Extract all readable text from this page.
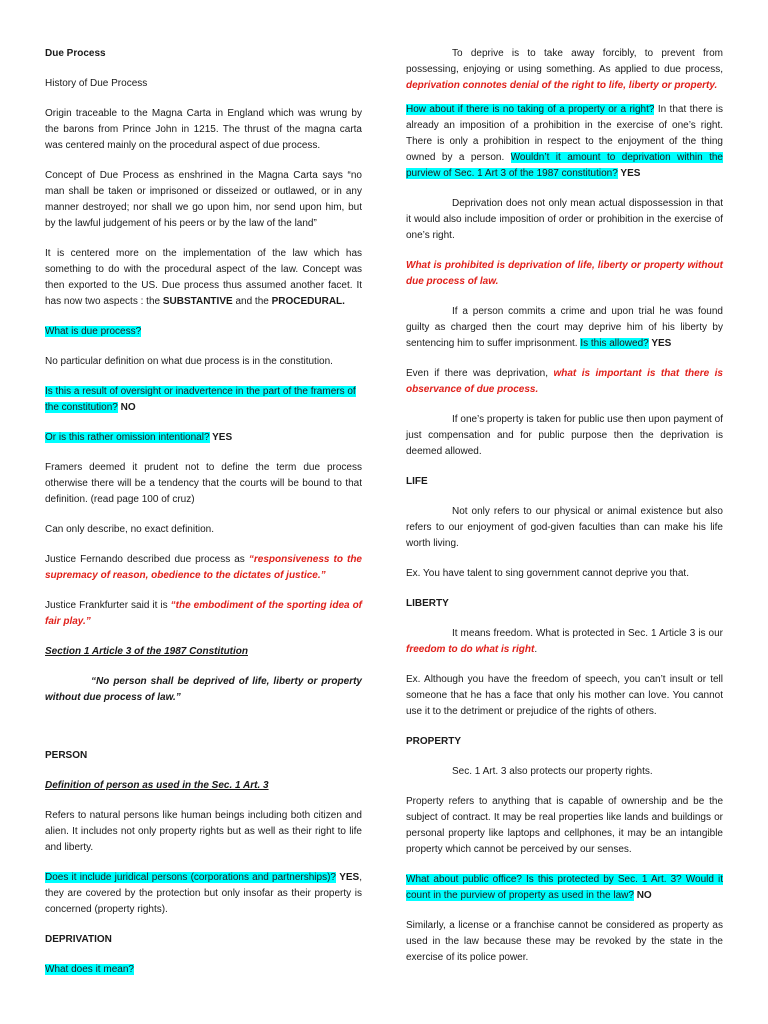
Due Process

History of Due Process

Origin traceable to the Magna Carta in England which was wrung by the barons from Prince John in 1215. The thrust of the magna carta was centered mainly on the procedural aspect of due process.

Concept of Due Process as enshrined in the Magna Carta says “no man shall be taken or imprisoned or disseized or outlawed, or in any manner destroyed; nor shall we go upon him, nor send upon him, but by the lawful judgement of his peers or by the law of the land”

It is centered more on the implementation of the law which has something to do with the procedural aspect of the law. Concept was then exported to the US. Due process thus assumed another facet. It has now two aspects : the SUBSTANTIVE and the PROCEDURAL.

What is due process?

No particular definition on what due process is in the constitution.

Is this a result of oversight or inadvertence in the part of the framers of the constitution? NO

Or is this rather omission intentional? YES

Framers deemed it prudent not to define the term due process otherwise there will be a tendency that the courts will be bound to that definition. (read page 100 of cruz)

Can only describe, no exact definition.

Justice Fernando described due process as “responsiveness to the supremacy of reason, obedience to the dictates of justice.”

Justice Frankfurter said it is “the embodiment of the sporting idea of fair play.”

Section 1 Article 3 of the 1987 Constitution

“No person shall be deprived of life, liberty or property without due process of law.”

PERSON

Definition of person as used in the Sec. 1 Art. 3

Refers to natural persons like human beings including both citizen and alien. It includes not only property rights but as well as their right to life and liberty.

Does it include juridical persons (corporations and partnerships)? YES, they are covered by the protection but only insofar as their property is concerned (property rights).

DEPRIVATION

What does it mean?

To deprive is to take away forcibly, to prevent from possessing, enjoying or using something. As applied to due process, deprivation connotes denial of the right to life, liberty or property.

How about if there is no taking of a property or a right? In that there is already an imposition of a prohibition in the exercise of one’s right. There is only a prohibition in respect to the enjoyment of the thing owned by a person. Wouldn’t it amount to deprivation within the purview of Sec. 1 Art 3 of the 1987 constitution? YES

Deprivation does not only mean actual dispossession in that it would also include imposition of order or prohibition in the exercise of one’s right.

What is prohibited is deprivation of life, liberty or property without due process of law.

If a person commits a crime and upon trial he was found guilty as charged then the court may deprive him of his liberty by sentencing him to suffer imprisonment. Is this allowed? YES

Even if there was deprivation, what is important is that there is observance of due process.

If one’s property is taken for public use then upon payment of just compensation and for public purpose then the deprivation is deemed allowed.

LIFE

Not only refers to our physical or animal existence but also refers to our enjoyment of god-given faculties than can make his life worth living.

Ex. You have talent to sing government cannot deprive you that.

LIBERTY

It means freedom. What is protected in Sec. 1 Article 3 is our freedom to do what is right.

Ex. Although you have the freedom of speech, you can’t insult or tell someone that he has a face that only his mother can love. You cannot use it to the detriment or prejudice of the rights of others.

PROPERTY

Sec. 1 Art. 3 also protects our property rights.

Property refers to anything that is capable of ownership and be the subject of contract. It may be real properties like lands and buildings or personal property like laptops and cellphones, it may be an intangible property which cannot be perceived by our senses.

What about public office? Is this protected by Sec. 1 Art. 3? Would it count in the purview of property as used in the law? NO

Similarly, a license or a franchise cannot be considered as property as used in the law because these may be revoked by the state in the exercise of its police power.
